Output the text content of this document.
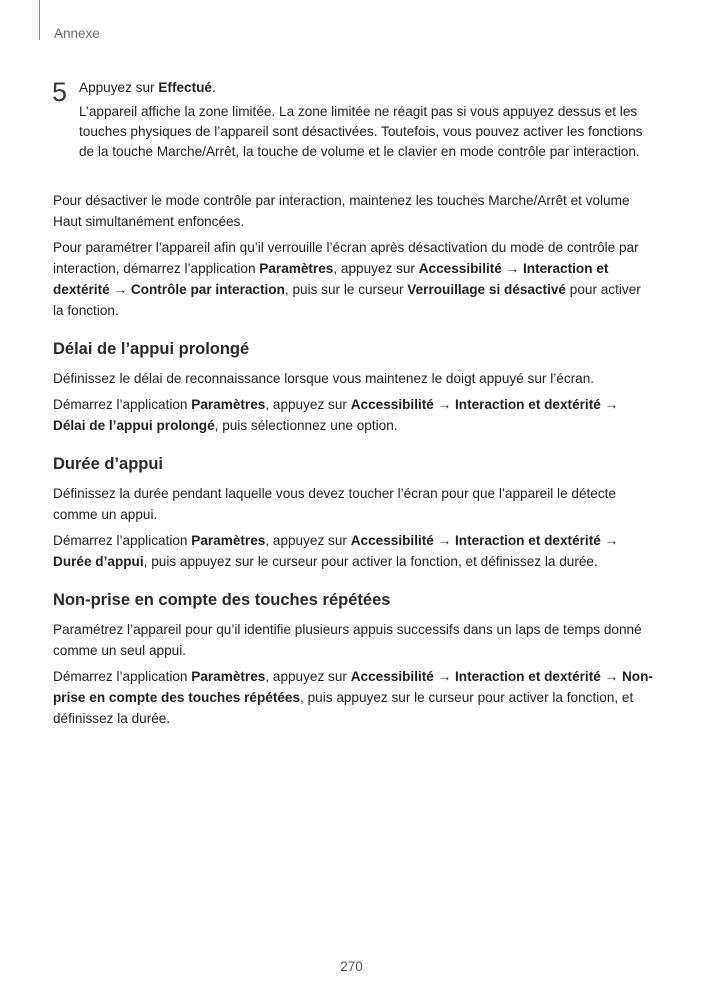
Annexe
5 Appuyez sur Effectué.

L’appareil affiche la zone limitée. La zone limitée ne réagit pas si vous appuyez dessus et les touches physiques de l’appareil sont désactivées. Toutefois, vous pouvez activer les fonctions de la touche Marche/Arrêt, la touche de volume et le clavier en mode contrôle par interaction.

Pour désactiver le mode contrôle par interaction, maintenez les touches Marche/Arrêt et volume Haut simultanément enfoncées.

Pour paramétrer l’appareil afin qu’il verrouille l’écran après désactivation du mode de contrôle par interaction, démarrez l’application Paramètres, appuyez sur Accessibilité → Interaction et dextérité → Contrôle par interaction, puis sur le curseur Verrouillage si désactivé pour activer la fonction.

Délai de l’appui prolongé

Définissez le délai de reconnaissance lorsque vous maintenez le doigt appuyé sur l’écran.

Démarrez l’application Paramètres, appuyez sur Accessibilité → Interaction et dextérité → Délai de l’appui prolongé, puis sélectionnez une option.

Durée d’appui

Définissez la durée pendant laquelle vous devez toucher l’écran pour que l’appareil le détecte comme un appui.

Démarrez l’application Paramètres, appuyez sur Accessibilité → Interaction et dextérité → Durée d’appui, puis appuyez sur le curseur pour activer la fonction, et définissez la durée.

Non-prise en compte des touches répétées

Paramétrez l’appareil pour qu’il identifie plusieurs appuis successifs dans un laps de temps donné comme un seul appui.

Démarrez l’application Paramètres, appuyez sur Accessibilité → Interaction et dextérité → Non-prise en compte des touches répétées, puis appuyez sur le curseur pour activer la fonction, et définissez la durée.

270
